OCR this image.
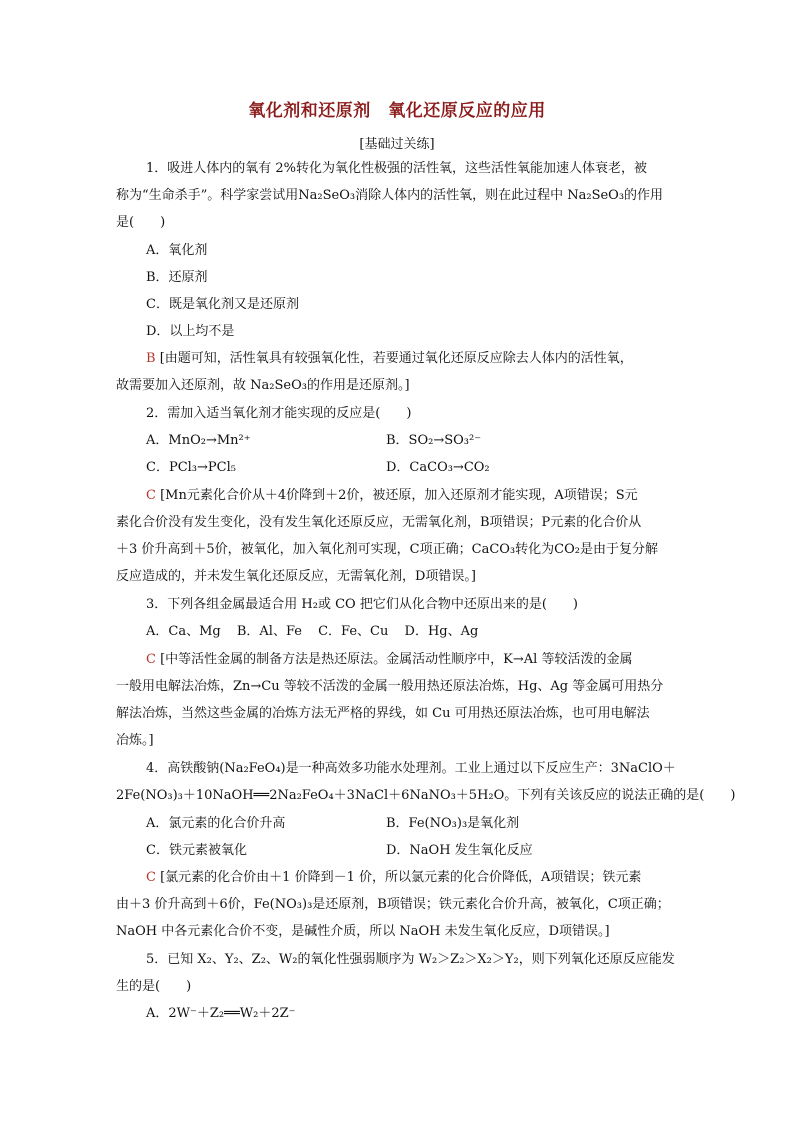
氧化剂和还原剂　氧化还原反应的应用
[基础过关练]
1．吸进人体内的氧有 2%转化为氧化性极强的活性氧，这些活性氧能加速人体衰老，被
称为“生命杀手”。科学家尝试用Na₂SeO₃消除人体内的活性氧，则在此过程中 Na₂SeO₃的作用
是(　　)
A．氧化剂
B．还原剂
C．既是氧化剂又是还原剂
D．以上均不是
B [由题可知，活性氧具有较强氧化性，若要通过氧化还原反应除去人体内的活性氧，
故需要加入还原剂，故 Na₂SeO₃的作用是还原剂。]
2．需加入适当氧化剂才能实现的反应是(　　)
A．MnO₂→Mn²⁺	B．SO₂→SO₃²⁻
C．PCl₃→PCl₅	D．CaCO₃→CO₂
C [Mn元素化合价从＋4价降到＋2价，被还原，加入还原剂才能实现，A项错误；S元
素化合价没有发生变化，没有发生氧化还原反应，无需氧化剂，B项错误；P元素的化合价从
＋3 价升高到＋5价，被氧化，加入氧化剂可实现，C项正确；CaCO₃转化为CO₂是由于复分解
反应造成的，并未发生氧化还原反应，无需氧化剂，D项错误。]
3．下列各组金属最适合用 H₂或 CO 把它们从化合物中还原出来的是(　　)
A．Ca、Mg B．Al、Fe C．Fe、Cu D．Hg、Ag
C [中等活性金属的制备方法是热还原法。金属活动性顺序中，K→Al 等较活泼的金属
一般用电解法冶炼，Zn→Cu 等较不活泼的金属一般用热还原法冶炼，Hg、Ag 等金属可用热分
解法冶炼，当然这些金属的冶炼方法无严格的界线，如 Cu 可用热还原法冶炼，也可用电解法
冶炼。]
4．高铁酸钠(Na₂FeO₄)是一种高效多功能水处理剂。工业上通过以下反应生产：3NaClO＋
2Fe(NO₃)₃＋10NaOH══2Na₂FeO₄＋3NaCl＋6NaNO₃＋5H₂O。下列有关该反应的说法正确的是(　　)
A．氯元素的化合价升高	B．Fe(NO₃)₃是氧化剂
C．铁元素被氧化	D．NaOH 发生氧化反应
C [氯元素的化合价由＋1 价降到－1 价，所以氯元素的化合价降低，A项错误；铁元素
由＋3 价升高到＋6价，Fe(NO₃)₃是还原剂，B项错误；铁元素化合价升高，被氧化，C项正确；
NaOH 中各元素化合价不变，是碱性介质，所以 NaOH 未发生氧化反应，D项错误。]
5．已知 X₂、Y₂、Z₂、W₂的氧化性强弱顺序为 W₂＞Z₂＞X₂＞Y₂，则下列氧化还原反应能发
生的是(　　)
A．2W⁻＋Z₂══W₂＋2Z⁻
